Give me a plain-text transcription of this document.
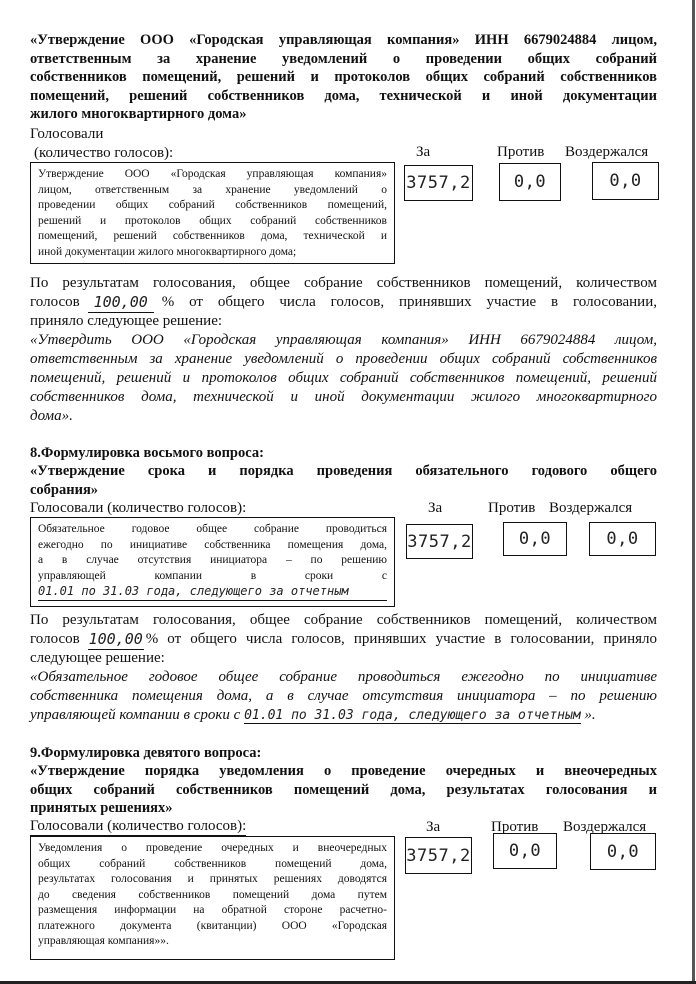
«Утверждение ООО «Городская управляющая компания» ИНН 6679024884 лицом,
ответственным за хранение уведомлений о проведении общих собраний
собственников помещений, решений и протоколов общих собраний собственников
помещений, решений собственников дома, технической и иной документации
жилого многоквартирного дома»
Голосовали
(количество голосов):	За	Против Воздержался
Утверждение ООО «Городская управляющая компания»
лицом, ответственным за хранение уведомлений о
проведении общих собраний собственников помещений,
решений и протоколов общих собраний собственников
помещений, решений собственников дома, технической и
иной документации жилого многоквартирного дома;
3757,2	0,0	0,0
По результатам голосования, общее собрание собственников помещений, количеством
голосов 100,00 % от общего числа голосов, принявших участие в голосовании,
приняло следующее решение:
«Утвердить ООО «Городская управляющая компания» ИНН 6679024884 лицом,
ответственным за хранение уведомлений о проведении общих собраний собственников
помещений, решений и протоколов общих собраний собственников помещений, решений
собственников дома, технической и иной документации жилого многоквартирного
дома».
8.Формулировка восьмого вопроса:
«Утверждение срока и порядка проведения обязательного годового общего
собрания»
Голосовали (количество голосов):	За	Против Воздержался
Обязательное годовое общее собрание проводиться
ежегодно по инициативе собственника помещения дома,
а в случае отсутствия инициатора – по решению
управляющей компании в сроки с
01.01 по 31.03 года, следующего за отчетным
3757,2	0,0	0,0
По результатам голосования, общее собрание собственников помещений, количеством
голосов 100,00 % от общего числа голосов, принявших участие в голосовании, приняло
следующее решение:
«Обязательное годовое общее собрание проводиться ежегодно по инициативе
собственника помещения дома, а в случае отсутствия инициатора – по решению
управляющей компании в сроки с 01.01 по 31.03 года, следующего за отчетным ».
9.Формулировка девятого вопроса:
«Утверждение порядка уведомления о проведение очередных и внеочередных
общих собраний собственников помещений дома, результатах голосования и
принятых решениях»
Голосовали (количество голосов):	За	Против Воздержался
Уведомления о проведение очередных и внеочередных
общих собраний собственников помещений дома,
результатах голосования и принятых решениях доводятся
до сведения собственников помещений дома путем
размещения информации на обратной стороне расчетно-
платежного документа (квитанции) ООО «Городская
управляющая компания»».
3757,2	0,0	0,0
